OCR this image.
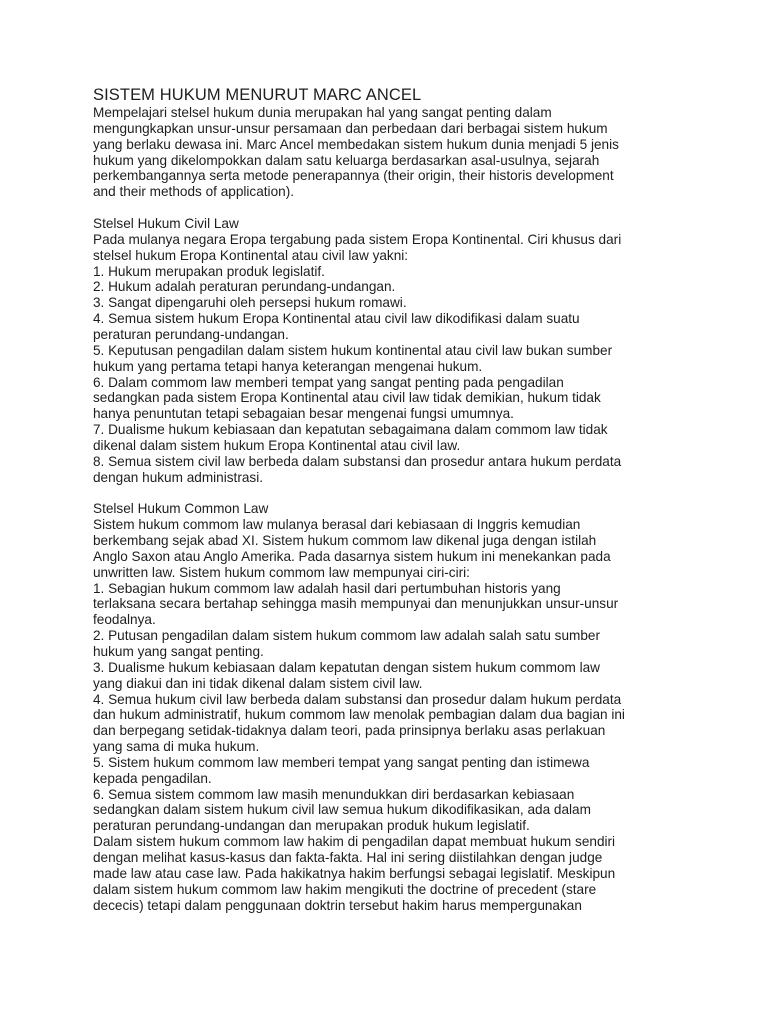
SISTEM HUKUM MENURUT MARC ANCEL
Mempelajari stelsel hukum dunia merupakan hal yang sangat penting dalam
mengungkapkan unsur-unsur persamaan dan perbedaan dari berbagai sistem hukum
yang berlaku dewasa ini. Marc Ancel membedakan sistem hukum dunia menjadi 5 jenis
hukum yang dikelompokkan dalam satu keluarga berdasarkan asal-usulnya, sejarah
perkembangannya serta metode penerapannya (their origin, their historis development
and their methods of application).
Stelsel Hukum Civil Law
Pada mulanya negara Eropa tergabung pada sistem Eropa Kontinental. Ciri khusus dari
stelsel hukum Eropa Kontinental atau civil law yakni:
1. Hukum merupakan produk legislatif.
2. Hukum adalah peraturan perundang-undangan.
3. Sangat dipengaruhi oleh persepsi hukum romawi.
4. Semua sistem hukum Eropa Kontinental atau civil law dikodifikasi dalam suatu
peraturan perundang-undangan.
5. Keputusan pengadilan dalam sistem hukum kontinental atau civil law bukan sumber
hukum yang pertama tetapi hanya keterangan mengenai hukum.
6. Dalam commom law memberi tempat yang sangat penting pada pengadilan
sedangkan pada sistem Eropa Kontinental atau civil law tidak demikian, hukum tidak
hanya penuntutan tetapi sebagaian besar mengenai fungsi umumnya.
7. Dualisme hukum kebiasaan dan kepatutan sebagaimana dalam commom law tidak
dikenal dalam sistem hukum Eropa Kontinental atau civil law.
8. Semua sistem civil law berbeda dalam substansi dan prosedur antara hukum perdata
dengan hukum administrasi.
Stelsel Hukum Common Law
Sistem hukum commom law mulanya berasal dari kebiasaan di Inggris kemudian
berkembang sejak abad XI. Sistem hukum commom law dikenal juga dengan istilah
Anglo Saxon atau Anglo Amerika. Pada dasarnya sistem hukum ini menekankan pada
unwritten law. Sistem hukum commom law mempunyai ciri-ciri:
1. Sebagian hukum commom law adalah hasil dari pertumbuhan historis yang
terlaksana secara bertahap sehingga masih mempunyai dan menunjukkan unsur-unsur
feodalnya.
2. Putusan pengadilan dalam sistem hukum commom law adalah salah satu sumber
hukum yang sangat penting.
3. Dualisme hukum kebiasaan dalam kepatutan dengan sistem hukum commom law
yang diakui dan ini tidak dikenal dalam sistem civil law.
4. Semua hukum civil law berbeda dalam substansi dan prosedur dalam hukum perdata
dan hukum administratif, hukum commom law menolak pembagian dalam dua bagian ini
dan berpegang setidak-tidaknya dalam teori, pada prinsipnya berlaku asas perlakuan
yang sama di muka hukum.
5. Sistem hukum commom law memberi tempat yang sangat penting dan istimewa
kepada pengadilan.
6. Semua sistem commom law masih menundukkan diri berdasarkan kebiasaan
sedangkan dalam sistem hukum civil law semua hukum dikodifikasikan, ada dalam
peraturan perundang-undangan dan merupakan produk hukum legislatif.
Dalam sistem hukum commom law hakim di pengadilan dapat membuat hukum sendiri
dengan melihat kasus-kasus dan fakta-fakta. Hal ini sering diistilahkan dengan judge
made law atau case law. Pada hakikatnya hakim berfungsi sebagai legislatif. Meskipun
dalam sistem hukum commom law hakim mengikuti the doctrine of precedent (stare
dececis) tetapi dalam penggunaan doktrin tersebut hakim harus mempergunakan
